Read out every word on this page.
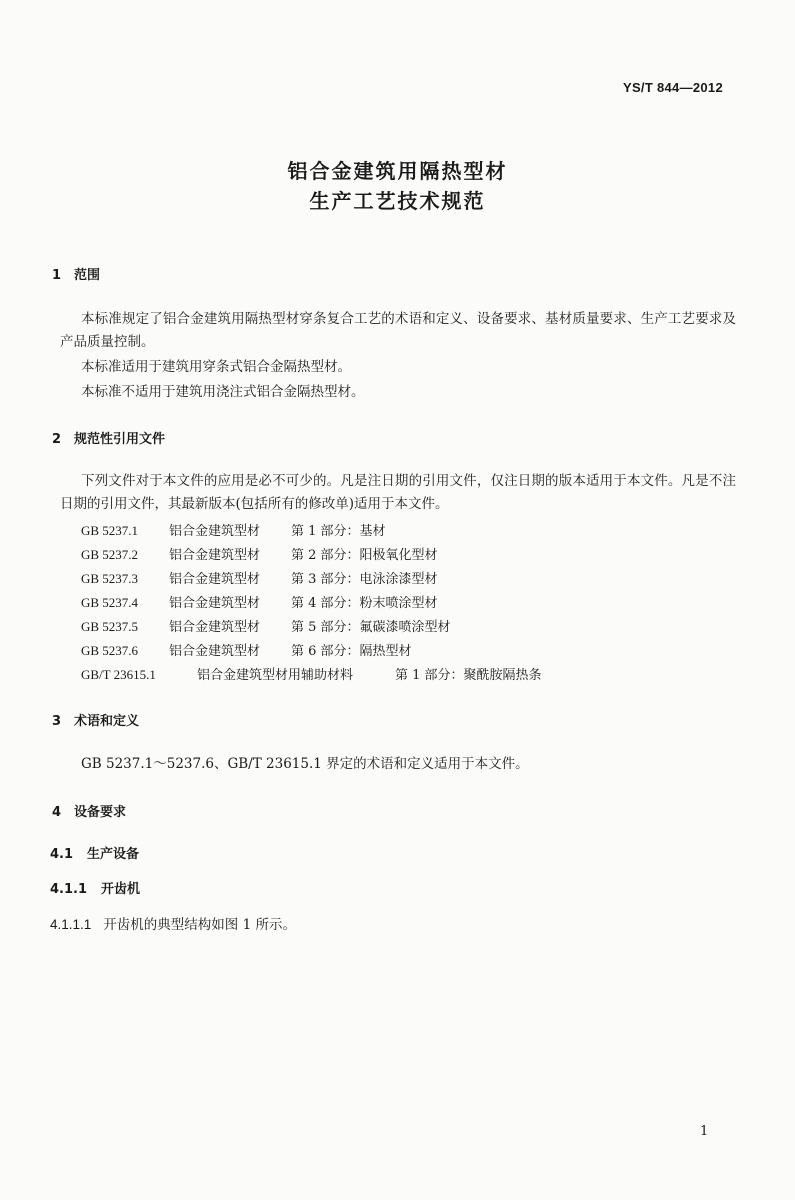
YS/T 844—2012
铝合金建筑用隔热型材
生产工艺技术规范
1 范围
本标准规定了铝合金建筑用隔热型材穿条复合工艺的术语和定义、设备要求、基材质量要求、生产工艺要求及产品质量控制。
本标准适用于建筑用穿条式铝合金隔热型材。
本标准不适用于建筑用浇注式铝合金隔热型材。
2 规范性引用文件
下列文件对于本文件的应用是必不可少的。凡是注日期的引用文件，仅注日期的版本适用于本文件。凡是不注日期的引用文件，其最新版本(包括所有的修改单)适用于本文件。
GB 5237.1 铝合金建筑型材 第 1 部分：基材
GB 5237.2 铝合金建筑型材 第 2 部分：阳极氧化型材
GB 5237.3 铝合金建筑型材 第 3 部分：电泳涂漆型材
GB 5237.4 铝合金建筑型材 第 4 部分：粉末喷涂型材
GB 5237.5 铝合金建筑型材 第 5 部分：氟碳漆喷涂型材
GB 5237.6 铝合金建筑型材 第 6 部分：隔热型材
GB/T 23615.1	铝合金建筑型材用辅助材料	第 1 部分：聚酰胺隔热条
3 术语和定义
GB 5237.1～5237.6、GB/T 23615.1 界定的术语和定义适用于本文件。
4 设备要求
4.1 生产设备
4.1.1 开齿机
4.1.1.1 开齿机的典型结构如图 1 所示。
1
